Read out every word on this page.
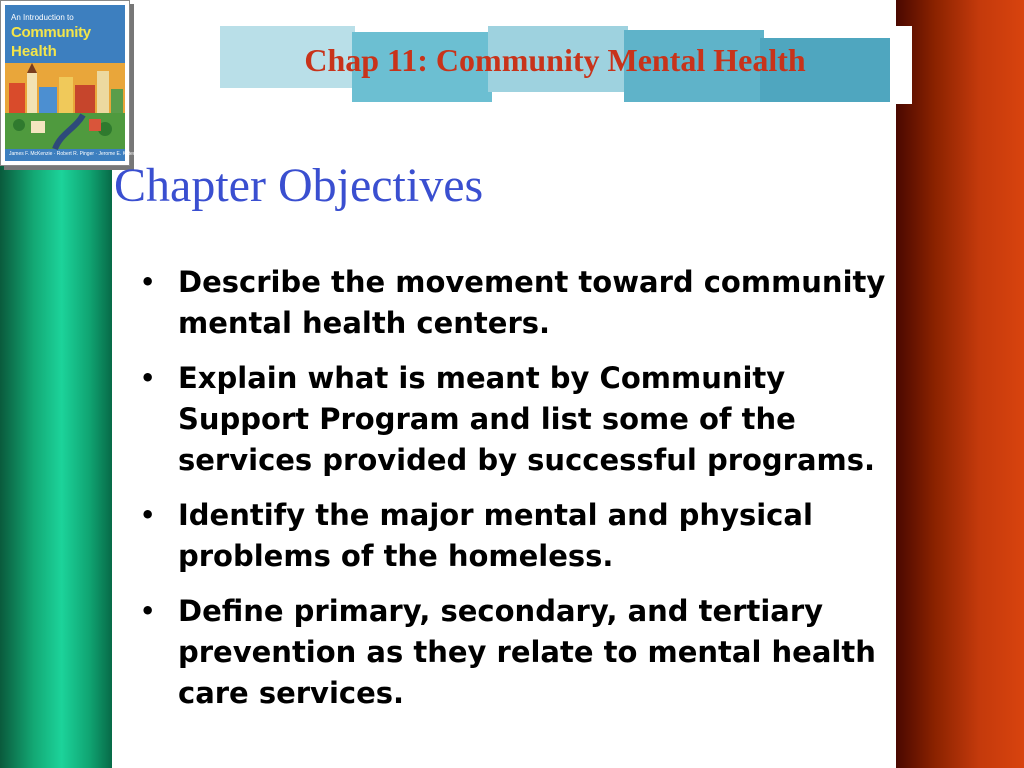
Chap 11: Community Mental Health
An Introduction to
Community
Health
James F. McKenzie · Robert R. Pinger · Jerome E. Kotecki
Chapter Objectives
• Describe the movement toward community mental health centers.
• Explain what is meant by Community Support Program and list some of the services provided by successful programs.
• Identify the major mental and physical problems of the homeless.
• Define primary, secondary, and tertiary prevention as they relate to mental health care services.
